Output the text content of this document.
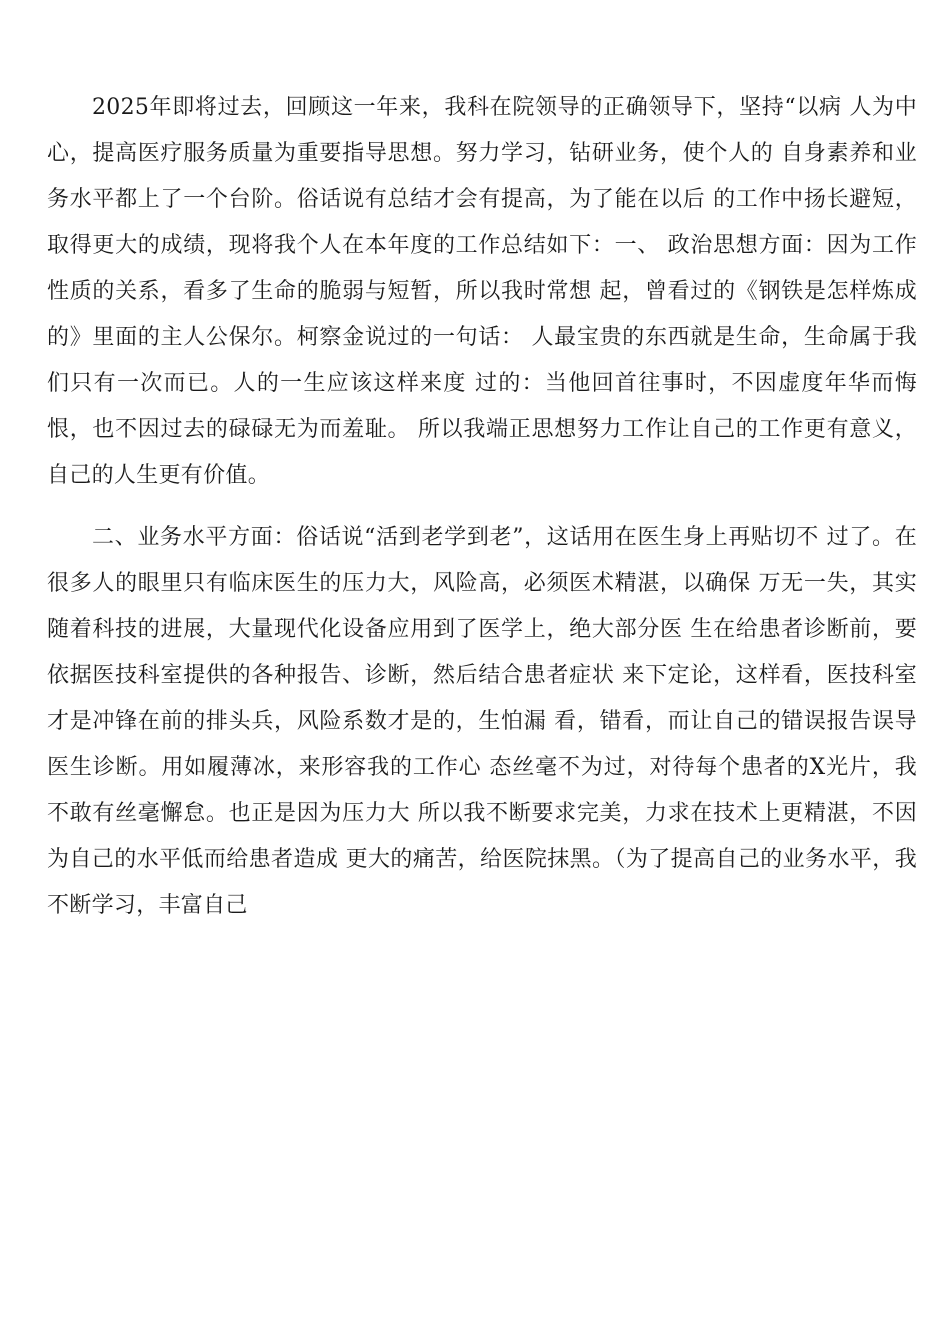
2025年即将过去，回顾这一年来，我科在院领导的正确领导下，坚持“以病 人为中心，提高医疗服务质量为重要指导思想。努力学习，钻研业务，使个人的 自身素养和业务水平都上了一个台阶。俗话说有总结才会有提高，为了能在以后 的工作中扬长避短，取得更大的成绩，现将我个人在本年度的工作总结如下：一、 政治思想方面：因为工作性质的关系，看多了生命的脆弱与短暂，所以我时常想 起，曾看过的《钢铁是怎样炼成的》里面的主人公保尔。柯察金说过的一句话： 人最宝贵的东西就是生命，生命属于我们只有一次而已。人的一生应该这样来度 过的：当他回首往事时，不因虚度年华而悔恨，也不因过去的碌碌无为而羞耻。 所以我端正思想努力工作让自己的工作更有意义，自己的人生更有价值。

二、业务水平方面：俗话说“活到老学到老”，这话用在医生身上再贴切不 过了。在很多人的眼里只有临床医生的压力大，风险高，必须医术精湛，以确保 万无一失，其实随着科技的进展，大量现代化设备应用到了医学上，绝大部分医 生在给患者诊断前，要依据医技科室提供的各种报告、诊断，然后结合患者症状 来下定论，这样看，医技科室才是冲锋在前的排头兵，风险系数才是的，生怕漏 看，错看，而让自己的错误报告误导医生诊断。用如履薄冰，来形容我的工作心 态丝毫不为过，对待每个患者的X光片，我不敢有丝毫懈怠。也正是因为压力大 所以我不断要求完美，力求在技术上更精湛，不因为自己的水平低而给患者造成 更大的痛苦，给医院抹黑。（为了提高自己的业务水平，我不断学习，丰富自己
